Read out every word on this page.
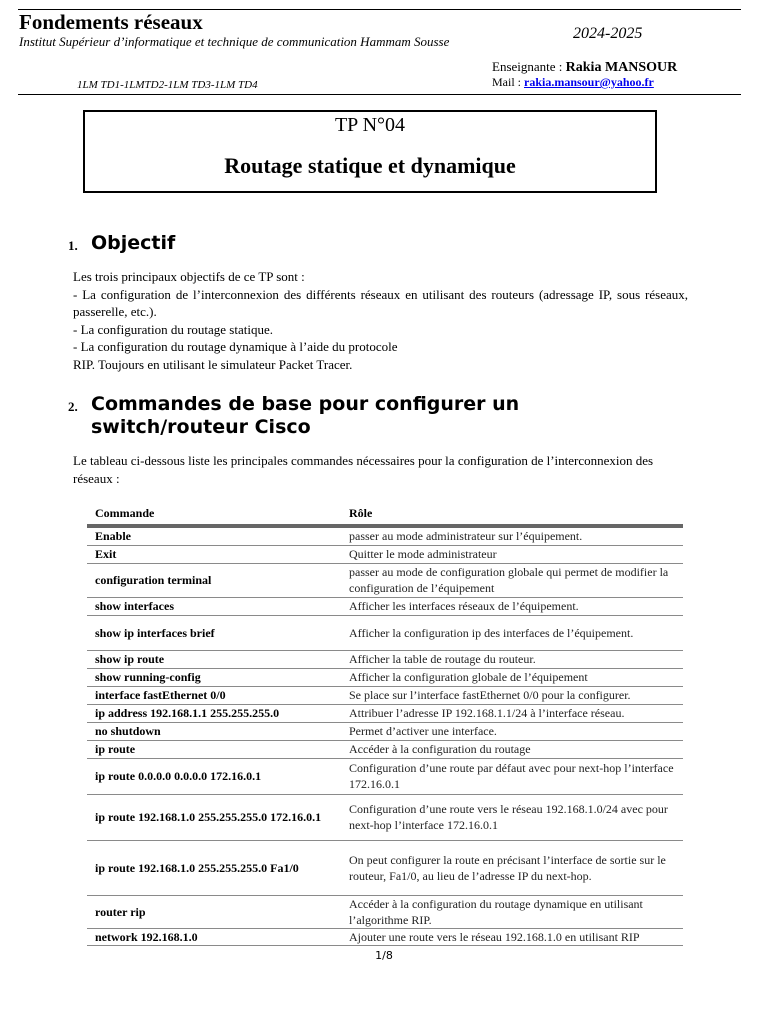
Fondements réseaux
Institut Supérieur d’informatique et technique de communication Hammam Sousse
1LM TD1-1LMTD2-1LM TD3-1LM TD4
2024-2025
Enseignante : Rakia MANSOUR
Mail : rakia.mansour@yahoo.fr
TP N°04
Routage statique et dynamique
1. Objectif
Les trois principaux objectifs de ce TP sont :
- La configuration de l’interconnexion des différents réseaux en utilisant des routeurs (adressage IP, sous réseaux, passerelle, etc.).
- La configuration du routage statique.
- La configuration du routage dynamique à l’aide du protocole
RIP. Toujours en utilisant le simulateur Packet Tracer.
2. Commandes de base pour configurer un switch/routeur Cisco
Le tableau ci-dessous liste les principales commandes nécessaires pour la configuration de l’interconnexion des réseaux :
Commande	Rôle
Enable	passer au mode administrateur sur l’équipement.
Exit	Quitter le mode administrateur
configuration terminal	passer au mode de configuration globale qui permet de modifier la configuration de l’équipement
show interfaces	Afficher les interfaces réseaux de l’équipement.
show ip interfaces brief	Afficher la configuration ip des interfaces de l’équipement.
show ip route	Afficher la table de routage du routeur.
show running-config	Afficher la configuration globale de l’équipement
interface fastEthernet 0/0	Se place sur l’interface fastEthernet 0/0 pour la configurer.
ip address 192.168.1.1 255.255.255.0	Attribuer l’adresse IP 192.168.1.1/24 à l’interface réseau.
no shutdown	Permet d’activer une interface.
ip route	Accéder à la configuration du routage
ip route 0.0.0.0 0.0.0.0 172.16.0.1	Configuration d’une route par défaut avec pour next-hop l’interface 172.16.0.1
ip route 192.168.1.0 255.255.255.0 172.16.0.1	Configuration d’une route vers le réseau 192.168.1.0/24 avec pour next-hop l’interface 172.16.0.1
ip route 192.168.1.0 255.255.255.0 Fa1/0	On peut configurer la route en précisant l’interface de sortie sur le routeur, Fa1/0, au lieu de l’adresse IP du next-hop.
router rip	Accéder à la configuration du routage dynamique en utilisant l’algorithme RIP.
network 192.168.1.0	Ajouter une route vers le réseau 192.168.1.0 en utilisant RIP
1/8
